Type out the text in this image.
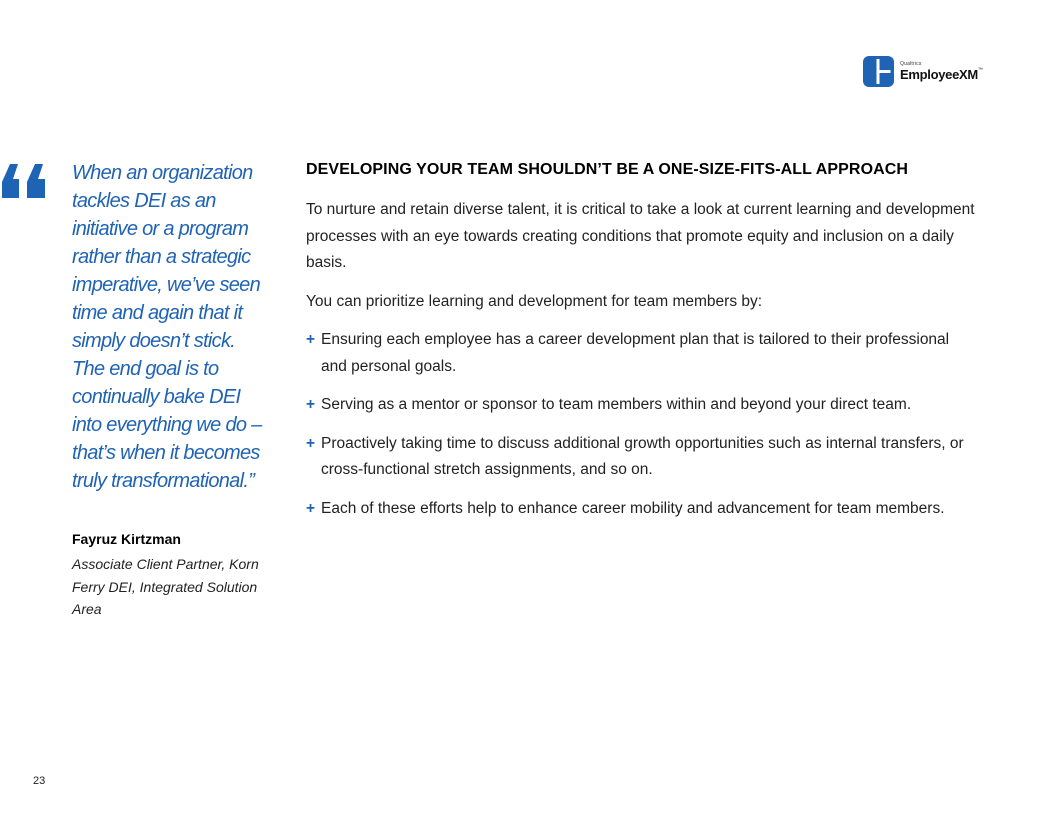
Qualtrics
EmployeeXM™
When an organization tackles DEI as an initiative or a program rather than a strategic imperative, we’ve seen time and again that it simply doesn’t stick. The end goal is to continually bake DEI into everything we do – that’s when it becomes truly transformational.”
Fayruz Kirtzman
Associate Client Partner, Korn Ferry DEI, Integrated Solution Area
DEVELOPING YOUR TEAM SHOULDN’T BE A ONE-SIZE-FITS-ALL APPROACH
To nurture and retain diverse talent, it is critical to take a look at current learning and development processes with an eye towards creating conditions that promote equity and inclusion on a daily basis.
You can prioritize learning and development for team members by:
+ Ensuring each employee has a career development plan that is tailored to their professional and personal goals.
+ Serving as a mentor or sponsor to team members within and beyond your direct team.
+ Proactively taking time to discuss additional growth opportunities such as internal transfers, or cross-functional stretch assignments, and so on.
+ Each of these efforts help to enhance career mobility and advancement for team members.
23
